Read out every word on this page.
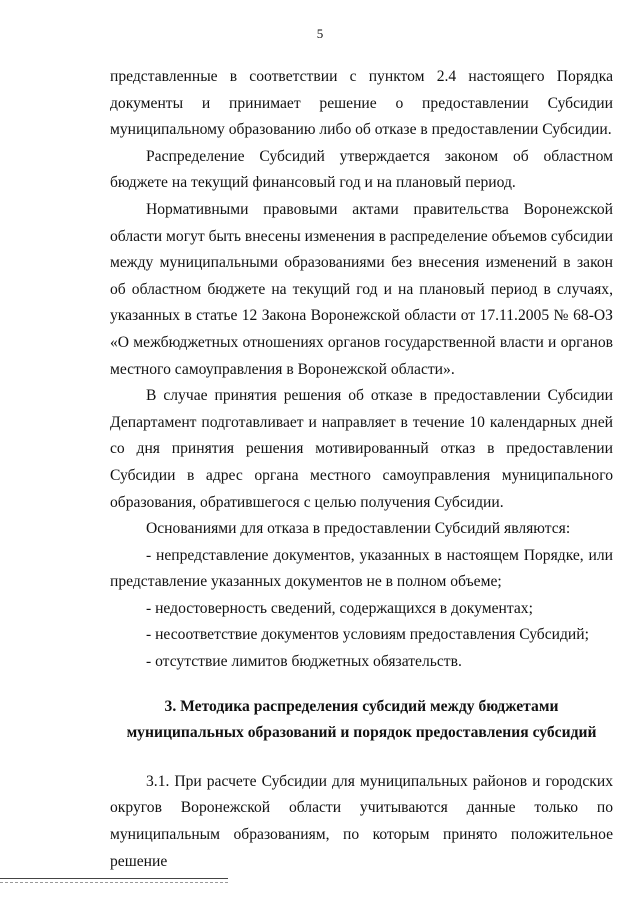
5

представленные в соответствии с пунктом 2.4 настоящего Порядка документы и принимает решение о предоставлении Субсидии муниципальному образованию либо об отказе в предоставлении Субсидии.

Распределение Субсидий утверждается законом об областном бюджете на текущий финансовый год и на плановый период.

Нормативными правовыми актами правительства Воронежской области могут быть внесены изменения в распределение объемов субсидии между муниципальными образованиями без внесения изменений в закон об областном бюджете на текущий год и на плановый период в случаях, указанных в статье 12 Закона Воронежской области от 17.11.2005 № 68-ОЗ «О межбюджетных отношениях органов государственной власти и органов местного самоуправления в Воронежской области».

В случае принятия решения об отказе в предоставлении Субсидии Департамент подготавливает и направляет в течение 10 календарных дней со дня принятия решения мотивированный отказ в предоставлении Субсидии в адрес органа местного самоуправления муниципального образования, обратившегося с целью получения Субсидии.

Основаниями для отказа в предоставлении Субсидий являются:

- непредставление документов, указанных в настоящем Порядке, или представление указанных документов не в полном объеме;

- недостоверность сведений, содержащихся в документах;

- несоответствие документов условиям предоставления Субсидий;

- отсутствие лимитов бюджетных обязательств.

3. Методика распределения субсидий между бюджетами
муниципальных образований и порядок предоставления субсидий

3.1. При расчете Субсидии для муниципальных районов и городских округов Воронежской области учитываются данные только по муниципальным образованиям, по которым принято положительное решение
